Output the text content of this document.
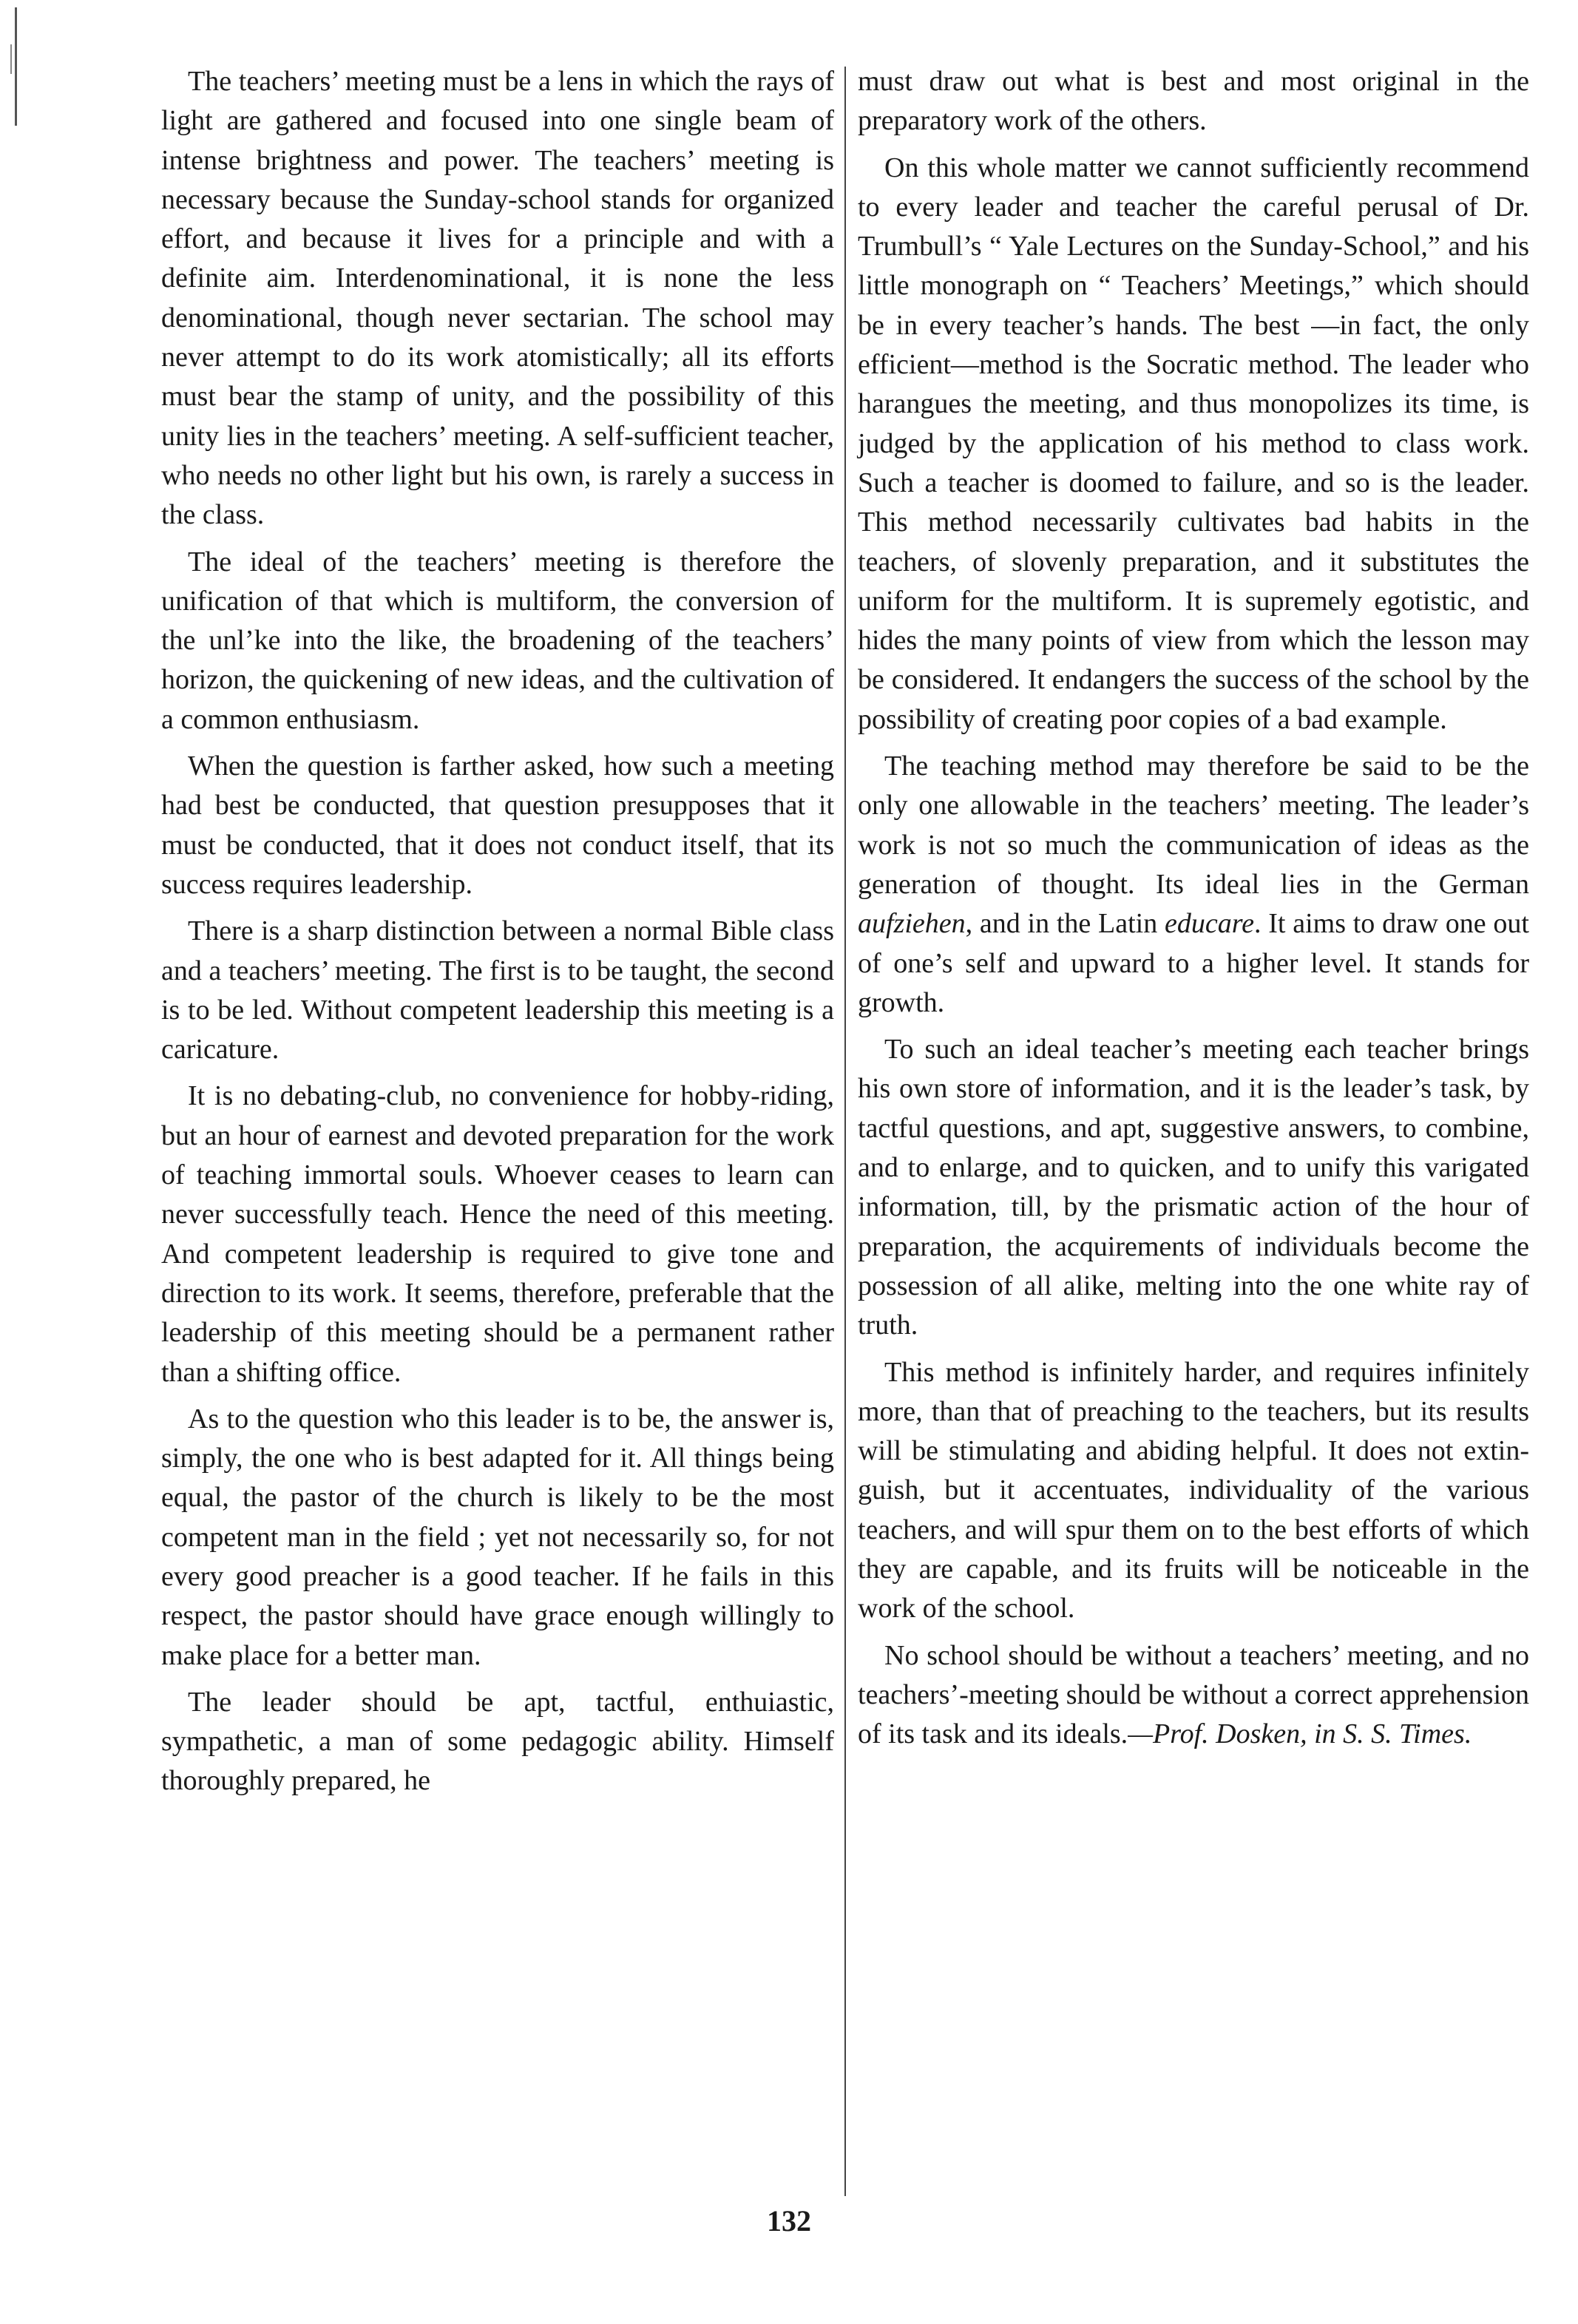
The teachers’ meeting must be a lens in which the rays of light are gathered and focused into one single beam of intense brightness and power. The teachers’ meeting is necessary because the Sunday-school stands for organized effort, and because it lives for a principle and with a definite aim. Interdenominational, it is none the less denominational, though never sectarian. The school may never attempt to do its work atomistically; all its efforts must bear the stamp of unity, and the possibility of this unity lies in the teachers’ meeting. A self-sufficient teacher, who needs no other light but his own, is rarely a success in the class.

The ideal of the teachers’ meeting is therefore the unification of that which is multiform, the conversion of the unl’ke into the like, the broadening of the teachers’ horizon, the quickening of new ideas, and the cultivation of a common enthusiasm.

When the question is farther asked, how such a meeting had best be conducted, that question presupposes that it must be conducted, that it does not conduct itself, that its success requires leadership.

There is a sharp distinction between a normal Bible class and a teachers’ meeting. The first is to be taught, the second is to be led. Without competent leadership this meeting is a caricature.

It is no debating-club, no convenience for hobby-riding, but an hour of earnest and devoted preparation for the work of teaching immortal souls. Whoever ceases to learn can never successfully teach. Hence the need of this meeting. And competent leadership is required to give tone and direction to its work. It seems, therefore, preferable that the leadership of this meeting should be a permanent rather than a shifting office.

As to the question who this leader is to be, the answer is, simply, the one who is best adapted for it. All things being equal, the pastor of the church is likely to be the most competent man in the field ; yet not necessarily so, for not every good preacher is a good teacher. If he fails in this respect, the pastor should have grace enough willingly to make place for a better man.

The leader should be apt, tactful, enthuiastic, sympathetic, a man of some pedagogic ability. Himself thoroughly prepared, he

must draw out what is best and most original in the preparatory work of the others.

On this whole matter we cannot sufficiently recommend to every leader and teacher the careful perusal of Dr. Trumbull’s “ Yale Lectures on the Sunday-School,” and his little monograph on “ Teachers’ Meetings,” which should be in every teacher’s hands. The best —in fact, the only efficient—method is the Socratic method. The leader who harangues the meeting, and thus monopolizes its time, is judged by the application of his method to class work. Such a teacher is doomed to failure, and so is the leader. This method necessarily cultivates bad habits in the teachers, of slovenly preparation, and it substitutes the uniform for the multiform. It is supremely egotistic, and hides the many points of view from which the lesson may be considered. It endangers the success of the school by the possibility of creating poor copies of a bad example.

The teaching method may therefore be said to be the only one allowable in the teachers’ meeting. The leader’s work is not so much the communication of ideas as the generation of thought. Its ideal lies in the German aufziehen, and in the Latin educare. It aims to draw one out of one’s self and upward to a higher level. It stands for growth.

To such an ideal teacher’s meeting each teacher brings his own store of information, and it is the leader’s task, by tactful questions, and apt, suggestive answers, to combine, and to enlarge, and to quicken, and to unify this varigated information, till, by the prismatic action of the hour of preparation, the acquirements of individuals become the possession of all alike, melting into the one white ray of truth.

This method is infinitely harder, and requires infinitely more, than that of preaching to the teachers, but its results will be stimulating and abiding helpful. It does not extinguish, but it accentuates, individuality of the various teachers, and will spur them on to the best efforts of which they are capable, and its fruits will be noticeable in the work of the school.

No school should be without a teachers’ meeting, and no teachers’-meeting should be without a correct apprehension of its task and its ideals.—Prof. Dosken, in S. S. Times.

132
